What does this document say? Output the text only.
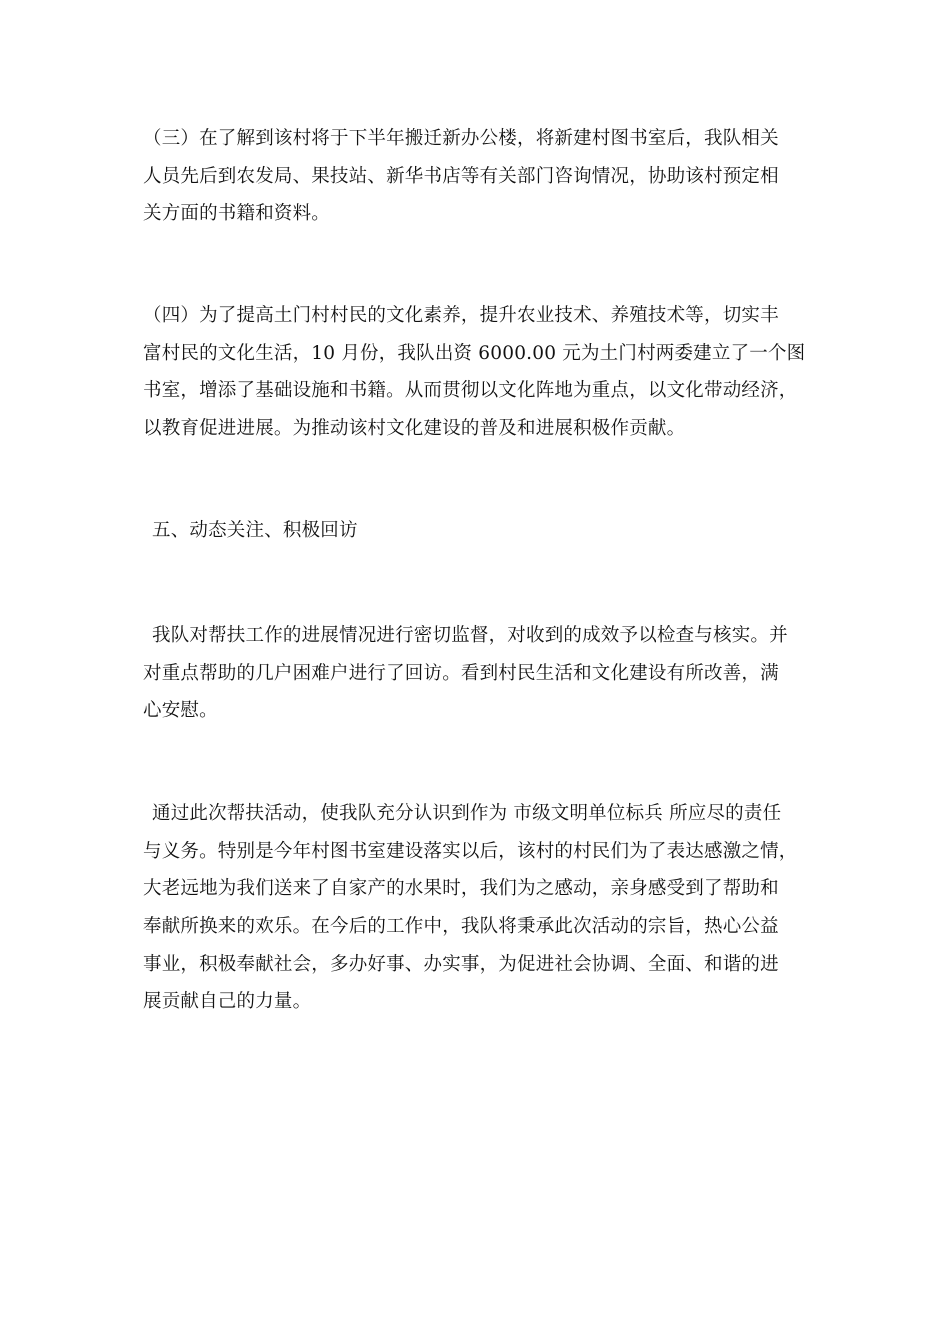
（三）在了解到该村将于下半年搬迁新办公楼，将新建村图书室后，我队相关
人员先后到农发局、果技站、新华书店等有关部门咨询情况，协助该村预定相
关方面的书籍和资料。
（四）为了提高土门村村民的文化素养，提升农业技术、养殖技术等，切实丰
富村民的文化生活，10 月份，我队出资 6000.00 元为土门村两委建立了一个图
书室，增添了基础设施和书籍。从而贯彻以文化阵地为重点，以文化带动经济，
以教育促进进展。为推动该村文化建设的普及和进展积极作贡献。
五、动态关注、积极回访
我队对帮扶工作的进展情况进行密切监督，对收到的成效予以检查与核实。并
对重点帮助的几户困难户进行了回访。看到村民生活和文化建设有所改善，满
心安慰。
通过此次帮扶活动，使我队充分认识到作为 市级文明单位标兵 所应尽的责任
与义务。特别是今年村图书室建设落实以后，该村的村民们为了表达感激之情，
大老远地为我们送来了自家产的水果时，我们为之感动，亲身感受到了帮助和
奉献所换来的欢乐。在今后的工作中，我队将秉承此次活动的宗旨，热心公益
事业，积极奉献社会，多办好事、办实事，为促进社会协调、全面、和谐的进
展贡献自己的力量。
